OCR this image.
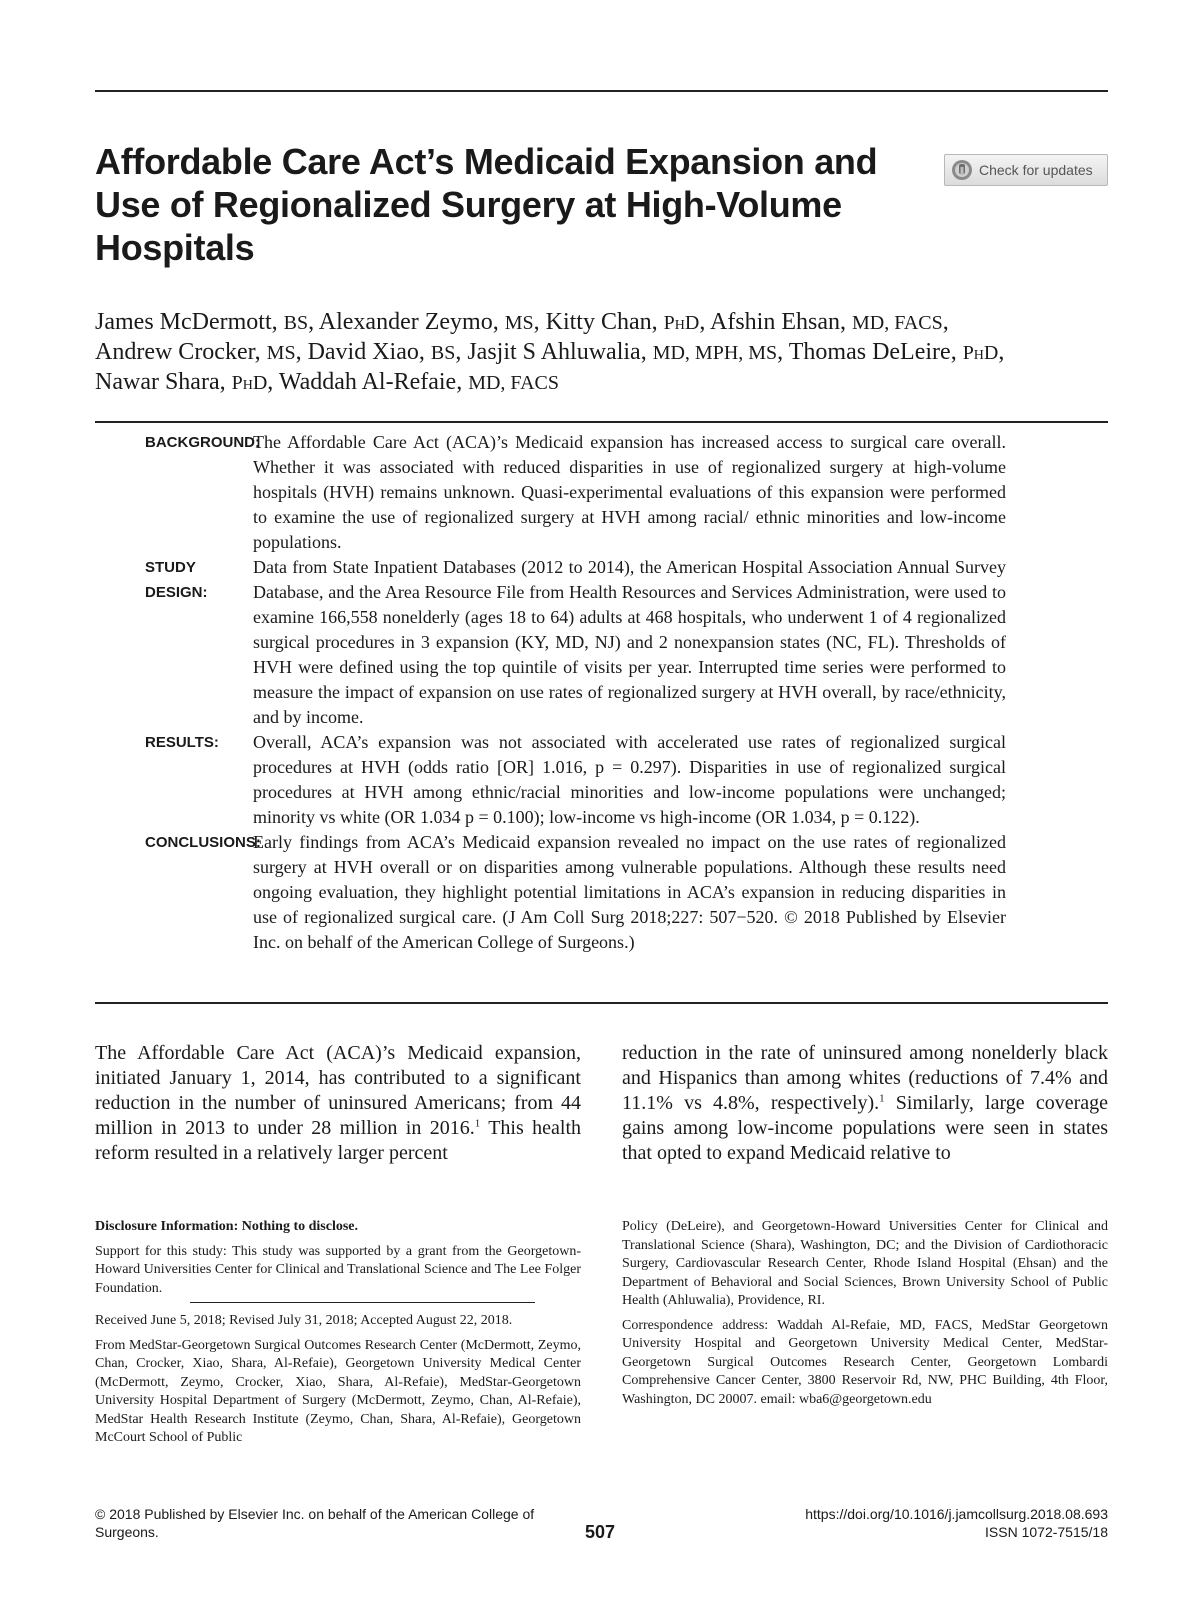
Affordable Care Act’s Medicaid Expansion and Use of Regionalized Surgery at High-Volume Hospitals
Check for updates
James McDermott, BS, Alexander Zeymo, MS, Kitty Chan, PhD, Afshin Ehsan, MD, FACS,
Andrew Crocker, MS, David Xiao, BS, Jasjit S Ahluwalia, MD, MPH, MS, Thomas DeLeire, PhD,
Nawar Shara, PhD, Waddah Al-Refaie, MD, FACS
BACKGROUND:
The Affordable Care Act (ACA)’s Medicaid expansion has increased access to surgical care overall. Whether it was associated with reduced disparities in use of regionalized surgery at high-volume hospitals (HVH) remains unknown. Quasi-experimental evaluations of this expansion were performed to examine the use of regionalized surgery at HVH among racial/ ethnic minorities and low-income populations.
STUDY DESIGN:
Data from State Inpatient Databases (2012 to 2014), the American Hospital Association Annual Survey Database, and the Area Resource File from Health Resources and Services Administration, were used to examine 166,558 nonelderly (ages 18 to 64) adults at 468 hospitals, who underwent 1 of 4 regionalized surgical procedures in 3 expansion (KY, MD, NJ) and 2 nonexpansion states (NC, FL). Thresholds of HVH were defined using the top quintile of visits per year. Interrupted time series were performed to measure the impact of expansion on use rates of regionalized surgery at HVH overall, by race/ethnicity, and by income.
RESULTS:	Overall, ACA’s expansion was not associated with accelerated use rates of regionalized surgical procedures at HVH (odds ratio [OR] 1.016, p = 0.297). Disparities in use of regionalized surgical procedures at HVH among ethnic/racial minorities and low-income populations were unchanged; minority vs white (OR 1.034 p = 0.100); low-income vs high-income (OR 1.034, p = 0.122).
CONCLUSIONS:
Early findings from ACA’s Medicaid expansion revealed no impact on the use rates of regionalized surgery at HVH overall or on disparities among vulnerable populations. Although these results need ongoing evaluation, they highlight potential limitations in ACA’s expansion in reducing disparities in use of regionalized surgical care. (J Am Coll Surg 2018;227: 507−520. © 2018 Published by Elsevier Inc. on behalf of the American College of Surgeons.)
The Affordable Care Act (ACA)’s Medicaid expansion, initiated January 1, 2014, has contributed to a significant reduction in the number of uninsured Americans; from 44 million in 2013 to under 28 million in 2016.$^1$ This health reform resulted in a relatively larger percent
reduction in the rate of uninsured among nonelderly black and Hispanics than among whites (reductions of 7.4% and 11.1% vs 4.8%, respectively).$^1$ Similarly, large coverage gains among low-income populations were seen in states that opted to expand Medicaid relative to

Disclosure Information: Nothing to disclose.

Support for this study: This study was supported by a grant from the Georgetown-Howard Universities Center for Clinical and Translational Science and The Lee Folger Foundation.

Received June 5, 2018; Revised July 31, 2018; Accepted August 22, 2018.

From MedStar-Georgetown Surgical Outcomes Research Center (McDermott, Zeymo, Chan, Crocker, Xiao, Shara, Al-Refaie), Georgetown University Medical Center (McDermott, Zeymo, Crocker, Xiao, Shara, Al-Refaie), MedStar-Georgetown University Hospital Department of Surgery (McDermott, Zeymo, Chan, Al-Refaie), MedStar Health Research Institute (Zeymo, Chan, Shara, Al-Refaie), Georgetown McCourt School of Public

Policy (DeLeire), and Georgetown-Howard Universities Center for Clinical and Translational Science (Shara), Washington, DC; and the Division of Cardiothoracic Surgery, Cardiovascular Research Center, Rhode Island Hospital (Ehsan) and the Department of Behavioral and Social Sciences, Brown University School of Public Health (Ahluwalia), Providence, RI.

Correspondence address: Waddah Al-Refaie, MD, FACS, MedStar Georgetown University Hospital and Georgetown University Medical Center, MedStar-Georgetown Surgical Outcomes Research Center, Georgetown Lombardi Comprehensive Cancer Center, 3800 Reservoir Rd, NW, PHC Building, 4th Floor, Washington, DC 20007. email: wba6@georgetown.edu

© 2018 Published by Elsevier Inc. on behalf of the American College of Surgeons.	507
https://doi.org/10.1016/j.jamcollsurg.2018.08.693
ISSN 1072-7515/18
